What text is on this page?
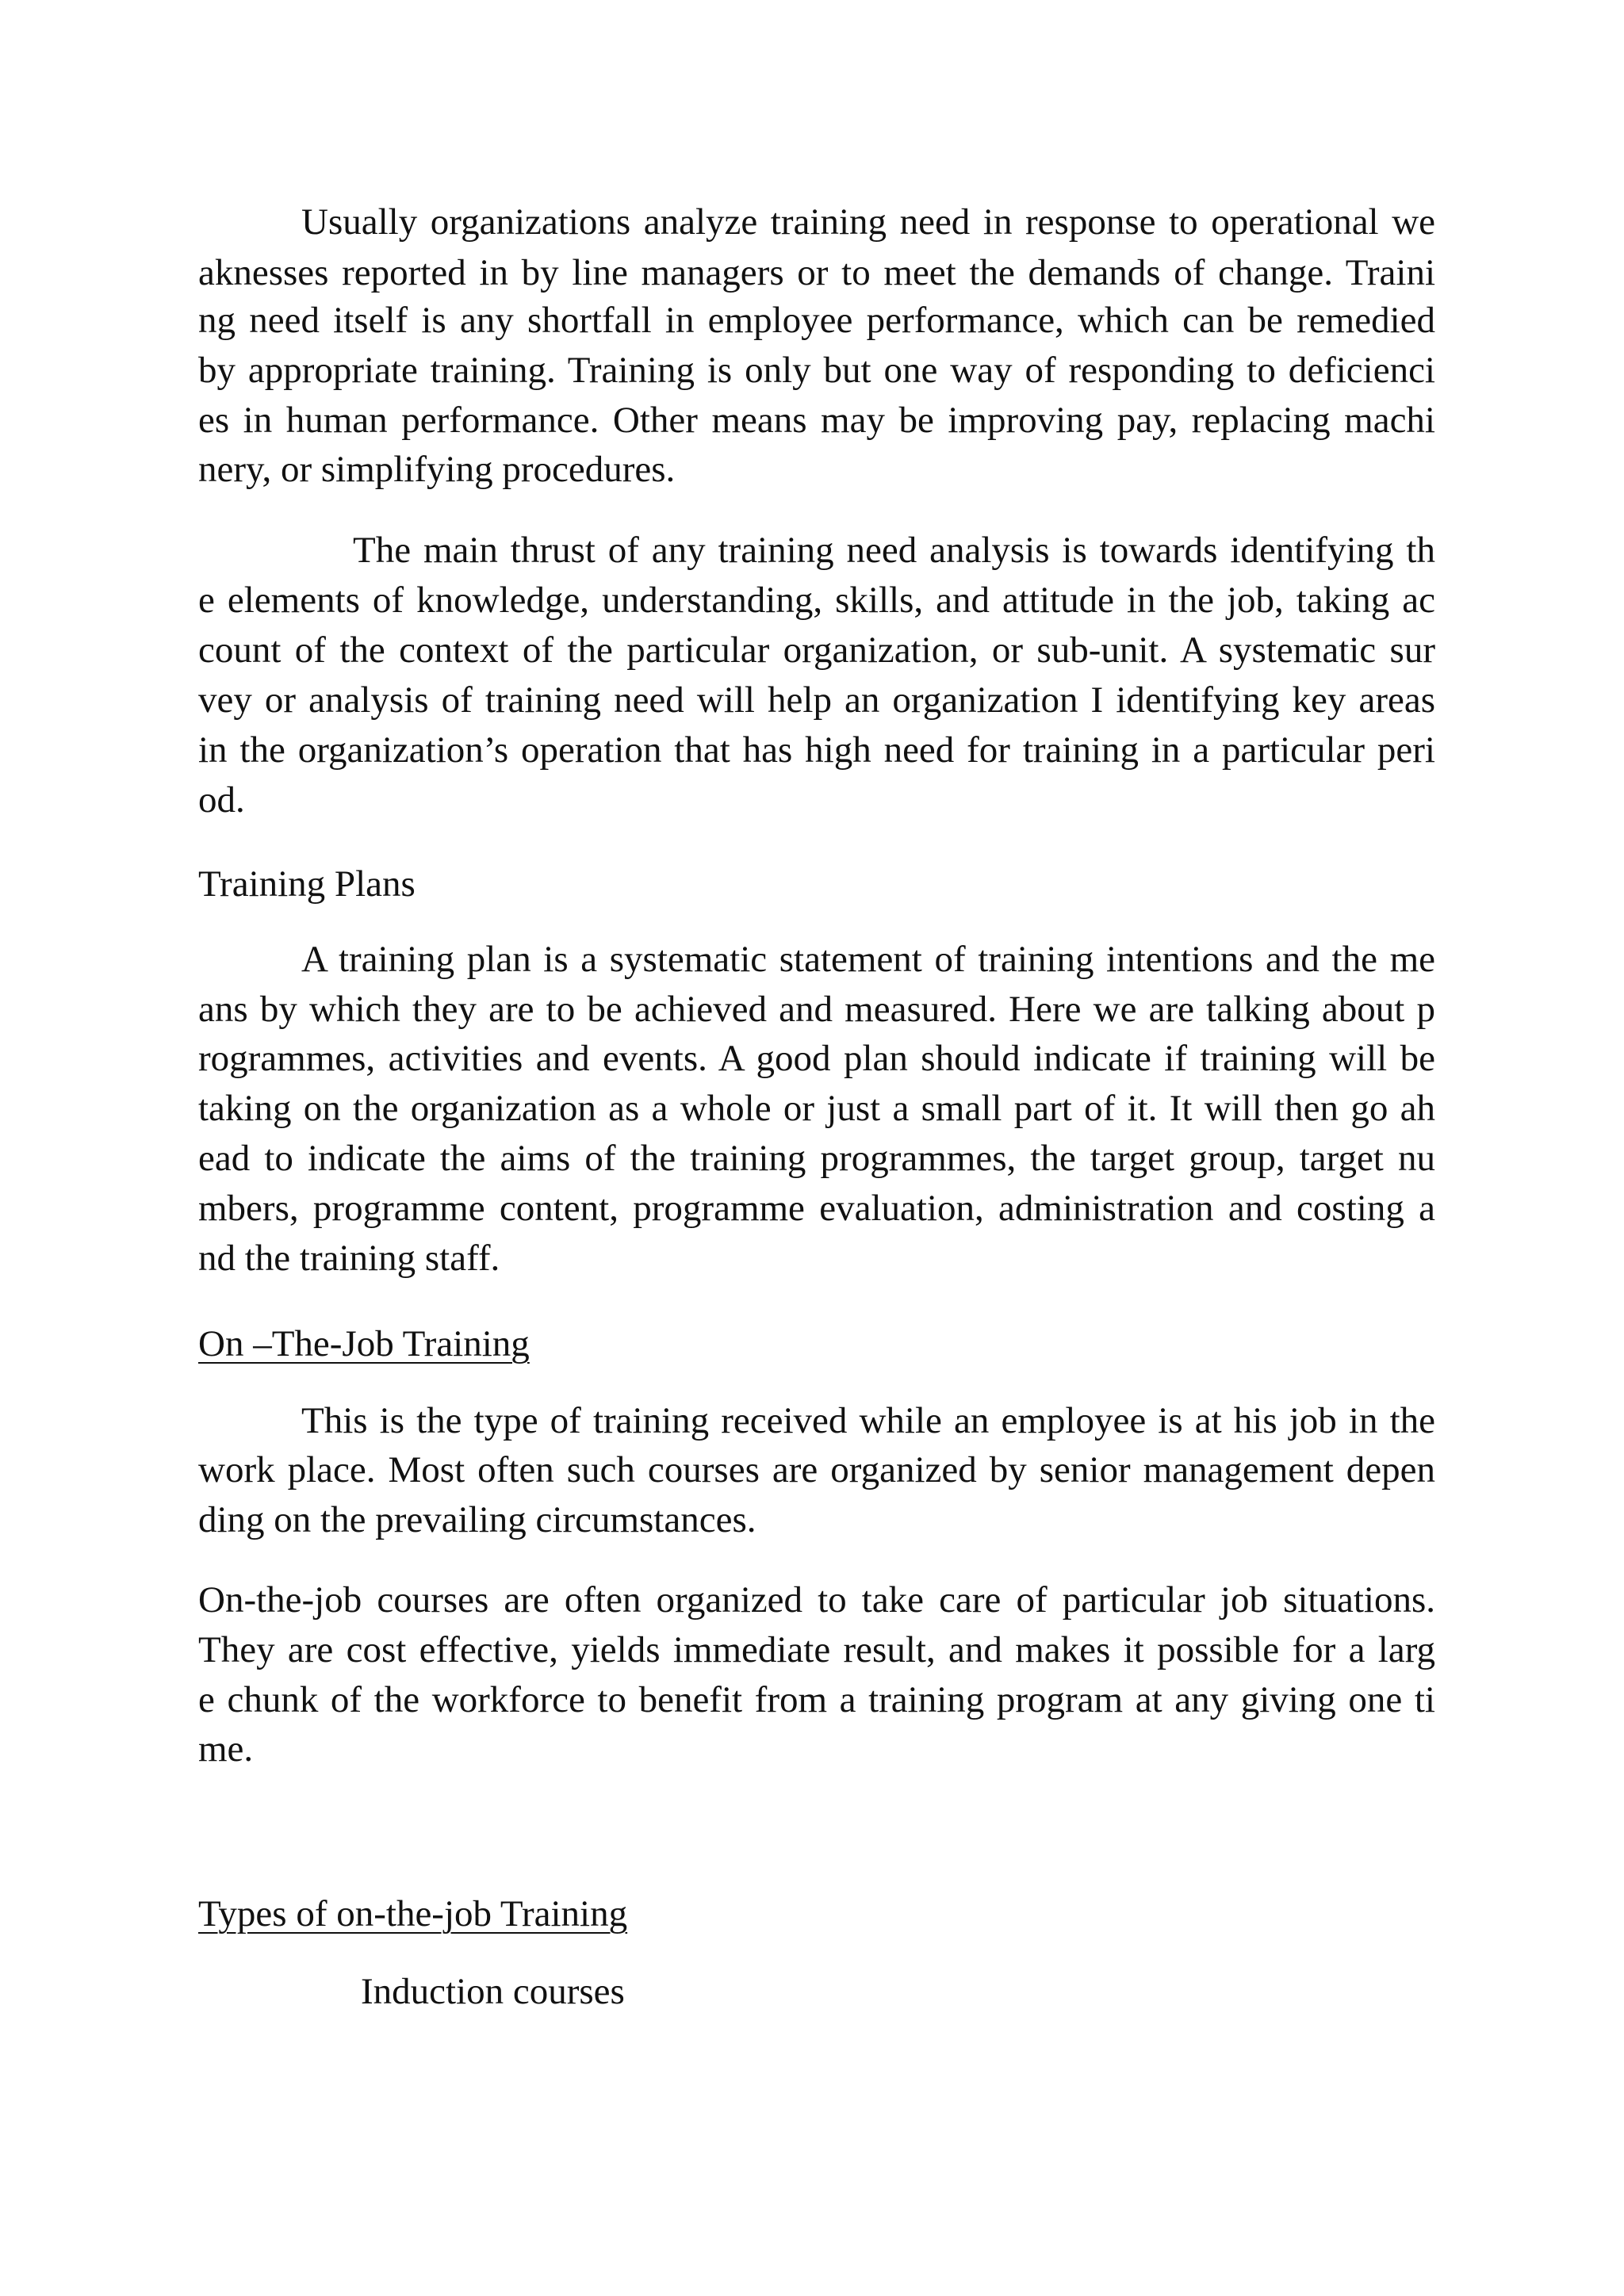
Usually organizations analyze training need in response to operational we
aknesses reported in by line managers or to meet the demands of change. Traini
ng need itself is any shortfall in employee performance, which can be remedied
by appropriate training. Training is only but one way of responding to deficienci
es in human performance. Other means may be improving pay, replacing machi
nery, or simplifying procedures.
The main thrust of any training need analysis is towards identifying th
e elements of knowledge, understanding, skills, and attitude in the job, taking ac
count of the context of the particular organization, or sub-unit. A systematic sur
vey or analysis of training need will help an organization I identifying key areas
in the organization’s operation that has high need for training in a particular peri
od.
Training Plans
A training plan is a systematic statement of training intentions and the me
ans by which they are to be achieved and measured. Here we are talking about p
rogrammes, activities and events. A good plan should indicate if training will be
taking on the organization as a whole or just a small part of it. It will then go ah
ead to indicate the aims of the training programmes, the target group, target nu
mbers, programme content, programme evaluation, administration and costing a
nd the training staff.
On –The-Job Training
This is the type of training received while an employee is at his job in the
work place. Most often such courses are organized by senior management depen
ding on the prevailing circumstances.
On-the-job courses are often organized to take care of particular job situations.
They are cost effective, yields immediate result, and makes it possible for a larg
e chunk of the workforce to benefit from a training program at any giving one ti
me.
Types of on-the-job Training
Induction courses
